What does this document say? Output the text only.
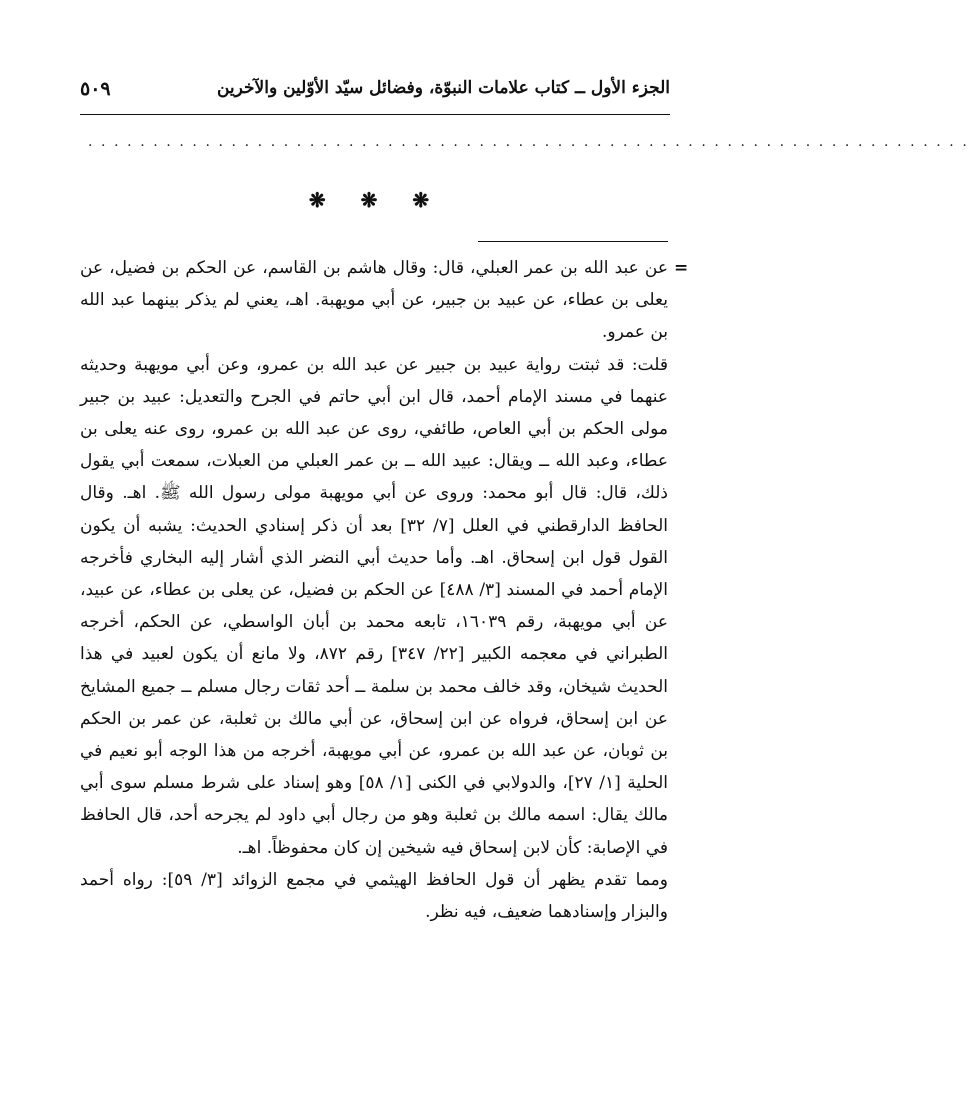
الجزء الأول ــ كتاب علامات النبوّة، وفضائل سيّد الأوّلين والآخرين
٥٠٩
....................................................................
❋ ❋ ❋
=

عن عبد الله بن عمر العبلي، قال: وقال هاشم بن القاسم، عن الحكم بن فضيل، عن يعلى بن عطاء، عن عبيد بن جبير، عن أبي مويهبة. اهـ، يعني لم يذكر بينهما عبد الله بن عمرو.

قلت: قد ثبتت رواية عبيد بن جبير عن عبد الله بن عمرو، وعن أبي مويهبة وحديثه عنهما في مسند الإمام أحمد، قال ابن أبي حاتم في الجرح والتعديل: عبيد بن جبير مولى الحكم بن أبي العاص، طائفي، روى عن عبد الله بن عمرو، روى عنه يعلى بن عطاء، وعبد الله ــ ويقال: عبيد الله ــ بن عمر العبلي من العبلات، سمعت أبي يقول ذلك، قال: قال أبو محمد: وروى عن أبي مويهبة مولى رسول الله ﷺ. اهـ. وقال الحافظ الدارقطني في العلل [٧/ ٣٢] بعد أن ذكر إسنادي الحديث: يشبه أن يكون القول قول ابن إسحاق. اهـ. وأما حديث أبي النضر الذي أشار إليه البخاري فأخرجه الإمام أحمد في المسند [٣/ ٤٨٨] عن الحكم بن فضيل، عن يعلى بن عطاء، عن عبيد، عن أبي مويهبة، رقم ١٦٠٣٩، تابعه محمد بن أبان الواسطي، عن الحكم، أخرجه الطبراني في معجمه الكبير [٢٢/ ٣٤٧] رقم ٨٧٢، ولا مانع أن يكون لعبيد في هذا الحديث شيخان، وقد خالف محمد بن سلمة ــ أحد ثقات رجال مسلم ــ جميع المشايخ عن ابن إسحاق، فرواه عن ابن إسحاق، عن أبي مالك بن ثعلبة، عن عمر بن الحكم بن ثوبان، عن عبد الله بن عمرو، عن أبي مويهبة، أخرجه من هذا الوجه أبو نعيم في الحلية [١/ ٢٧]، والدولابي في الكنى [١/ ٥٨] وهو إسناد على شرط مسلم سوى أبي مالك يقال: اسمه مالك بن ثعلبة وهو من رجال أبي داود لم يجرحه أحد، قال الحافظ في الإصابة: كأن لابن إسحاق فيه شيخين إن كان محفوظاً. اهـ.

ومما تقدم يظهر أن قول الحافظ الهيثمي في مجمع الزوائد [٣/ ٥٩]: رواه أحمد والبزار وإسنادهما ضعيف، فيه نظر.
